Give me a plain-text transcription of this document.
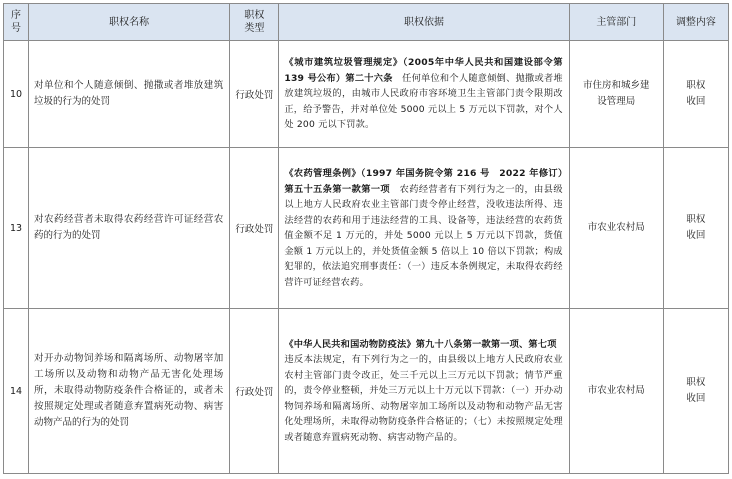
序号	职权名称	职权类型	职权依据	主管部门	调整内容
10	对单位和个人随意倾倒、抛撒或者堆放建筑垃圾的行为的处罚	行政处罚	《城市建筑垃圾管理规定》（2005年中华人民共和国建设部令第 139 号公布）第二十六条　任何单位和个人随意倾倒、抛撒或者堆放建筑垃圾的，由城市人民政府市容环境卫生主管部门责令限期改正，给予警告，并对单位处 5000 元以上 5 万元以下罚款，对个人处 200 元以下罚款。	市住房和城乡建设管理局	职权收回
13	对农药经营者未取得农药经营许可证经营农药的行为的处罚	行政处罚	《农药管理条例》（1997 年国务院令第 216 号　2022 年修订）第五十五条第一款第一项　农药经营者有下列行为之一的，由县级以上地方人民政府农业主管部门责令停止经营，没收违法所得、违法经营的农药和用于违法经营的工具、设备等，违法经营的农药货值金额不足 1 万元的，并处 5000 元以上 5 万元以下罚款，货值金额 1 万元以上的，并处货值金额 5 倍以上 10 倍以下罚款；构成犯罪的，依法追究刑事责任：（一）违反本条例规定，未取得农药经营许可证经营农药。	市农业农村局	职权收回
14	对开办动物饲养场和隔离场所、动物屠宰加工场所以及动物和动物产品无害化处理场所，未取得动物防疫条件合格证的，或者未按照规定处理或者随意弃置病死动物、病害动物产品的行为的处罚	行政处罚	《中华人民共和国动物防疫法》第九十八条第一款第一项、第七项　违反本法规定，有下列行为之一的，由县级以上地方人民政府农业农村主管部门责令改正，处三千元以上三万元以下罚款；情节严重的，责令停业整顿，并处三万元以上十万元以下罚款：（一）开办动物饲养场和隔离场所、动物屠宰加工场所以及动物和动物产品无害化处理场所，未取得动物防疫条件合格证的；（七）未按照规定处理或者随意弃置病死动物、病害动物产品的。	市农业农村局	职权收回
